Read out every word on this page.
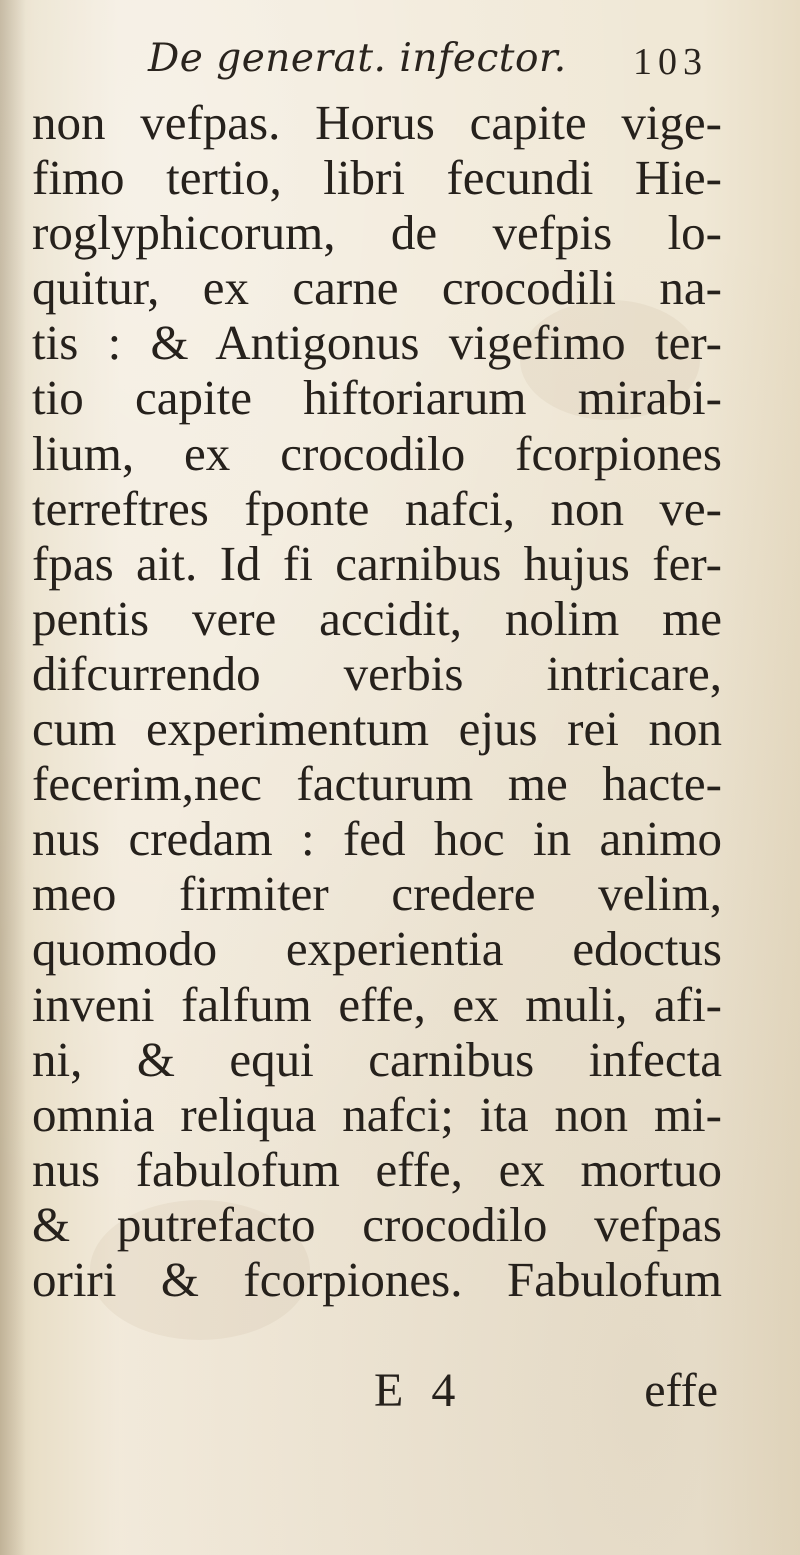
De generat. infector.	103
non vefpas. Horus capite vige-
fimo tertio, libri fecundi Hie-
roglyphicorum, de vefpis lo-
quitur, ex carne crocodili na-
tis : & Antigonus vigefimo ter-
tio capite hiftoriarum mirabi-
lium, ex crocodilo fcorpiones
terreftres fponte nafci, non ve-
fpas ait. Id fi carnibus hujus fer-
pentis vere accidit, nolim me
difcurrendo verbis intricare,
cum experimentum ejus rei non
fecerim,nec facturum me hacte-
nus credam : fed hoc in animo
meo firmiter credere velim,
quomodo experientia edoctus
inveni falfum effe, ex muli, afi-
ni, & equi carnibus infecta
omnia reliqua nafci; ita non mi-
nus fabulofum effe, ex mortuo
& putrefacto crocodilo vefpas
oriri & fcorpiones. Fabulofum
E 4	effe
